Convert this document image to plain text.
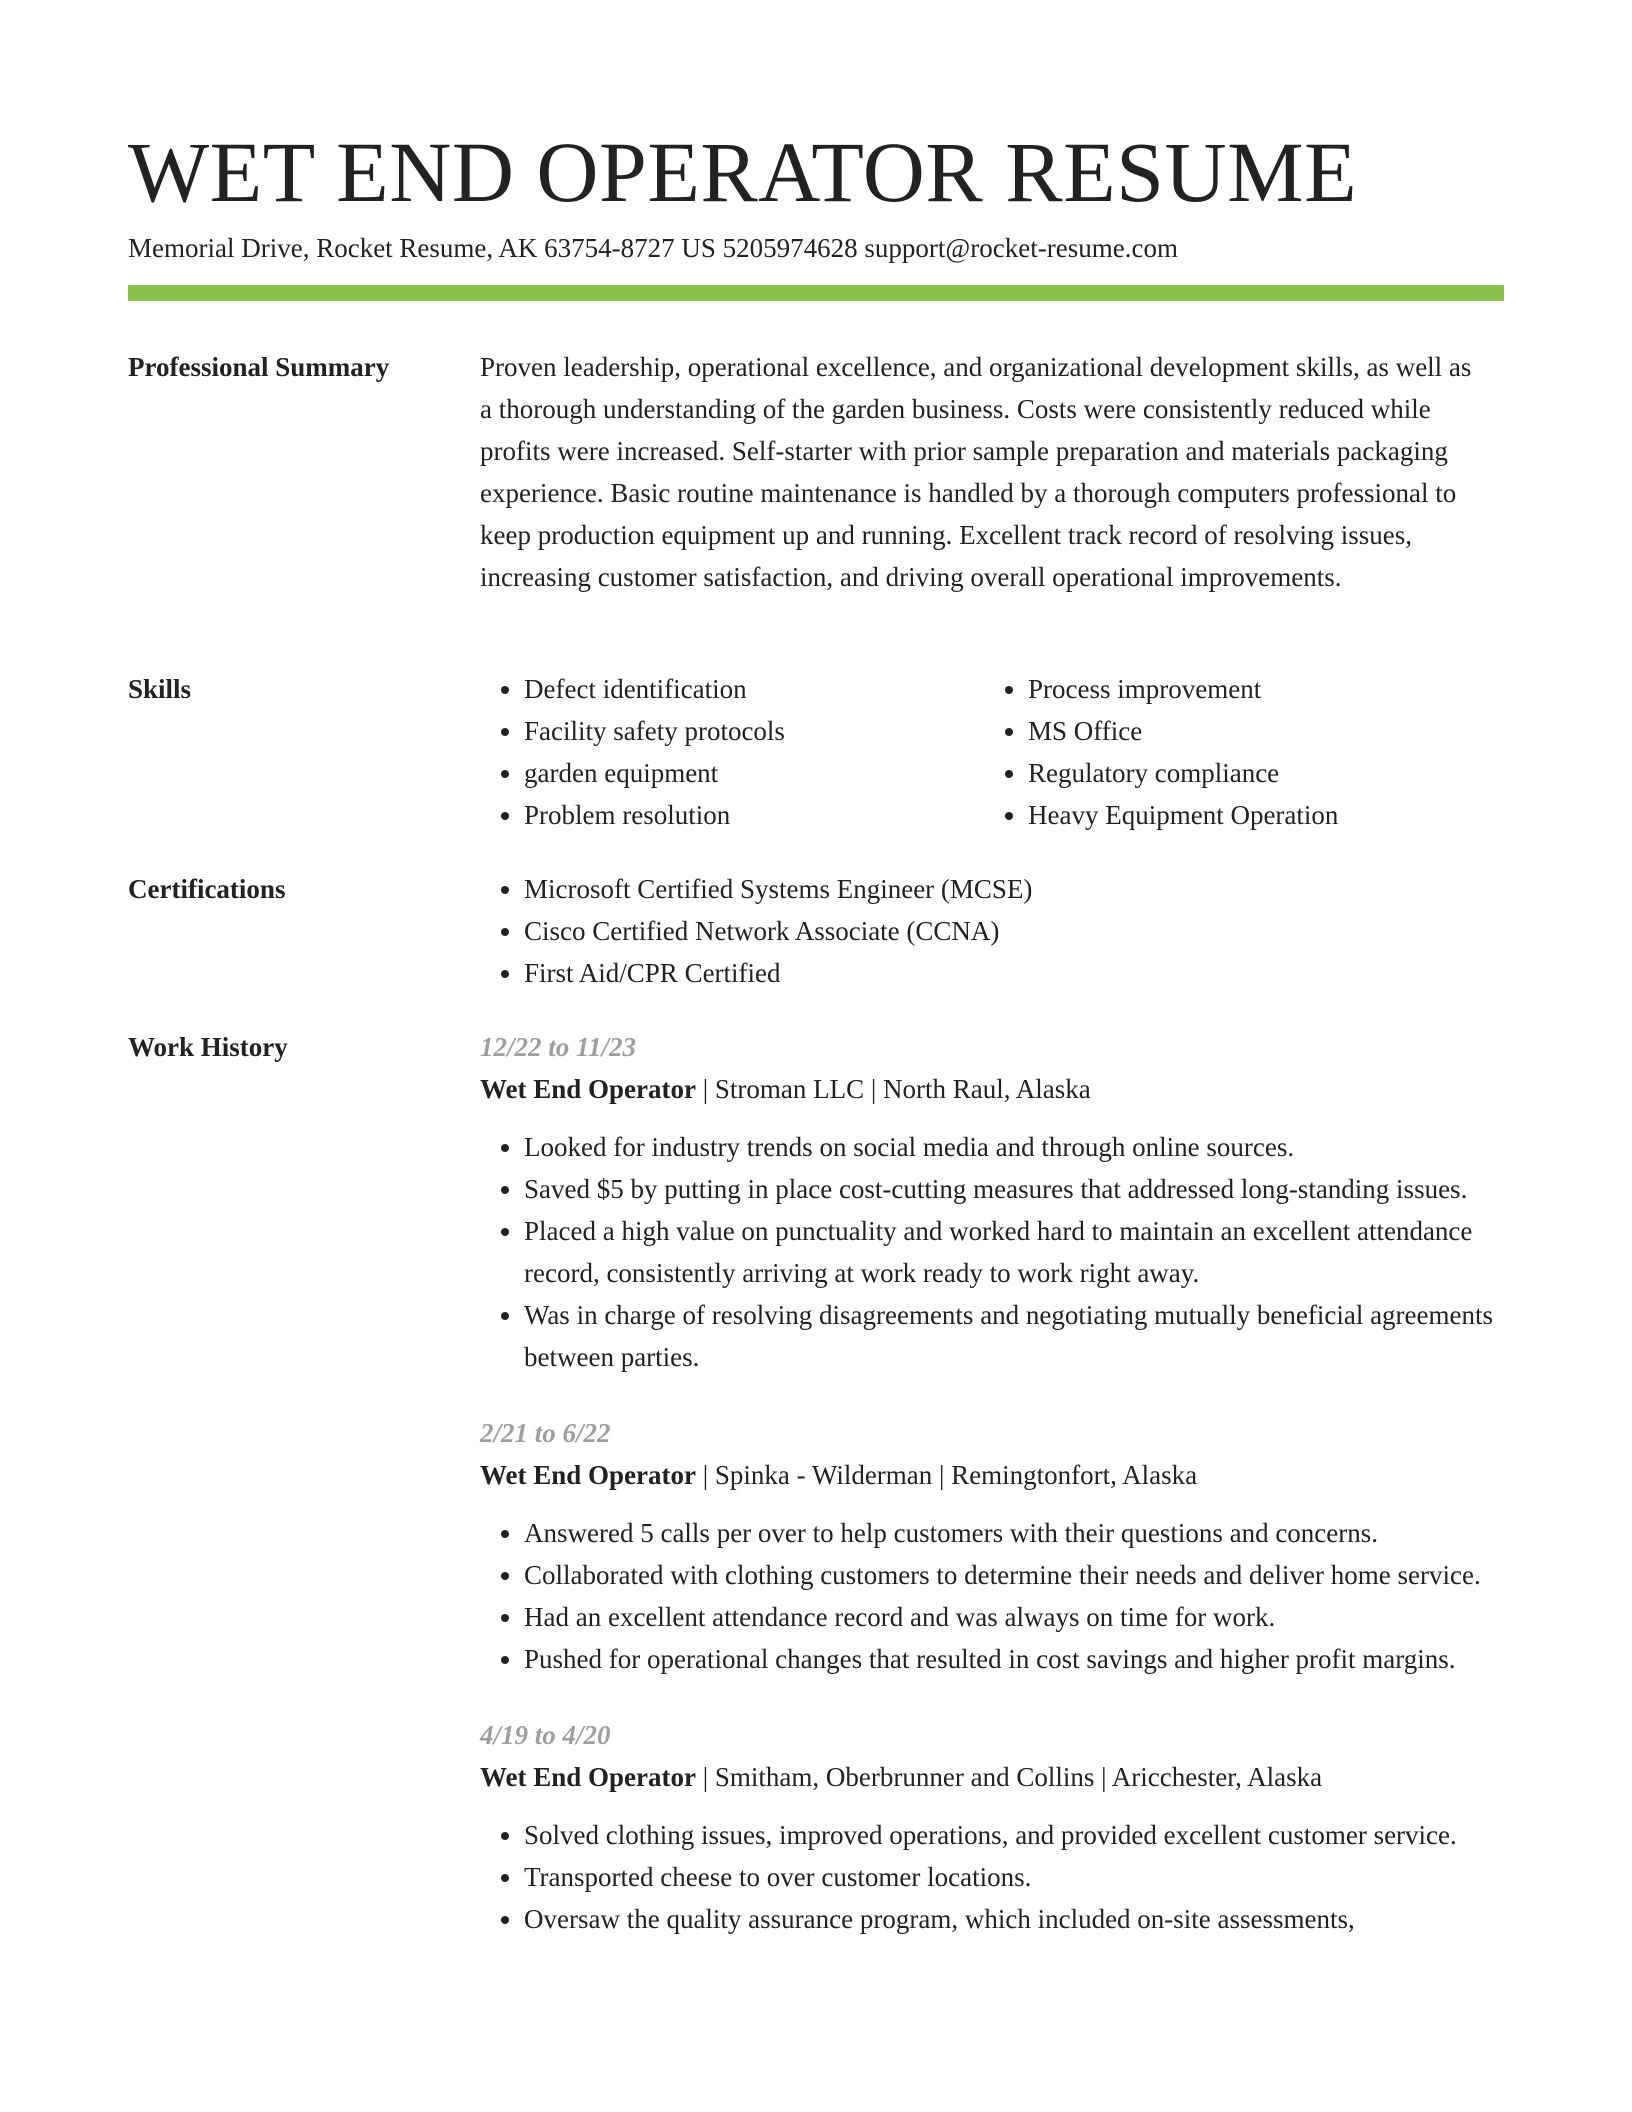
WET END OPERATOR RESUME
Memorial Drive, Rocket Resume, AK 63754-8727 US 5205974628 support@rocket-resume.com
Professional Summary	Proven leadership, operational excellence, and organizational development skills, as well as a thorough understanding of the garden business. Costs were consistently reduced while profits were increased. Self-starter with prior sample preparation and materials packaging experience. Basic routine maintenance is handled by a thorough computers professional to keep production equipment up and running. Excellent track record of resolving issues, increasing customer satisfaction, and driving overall operational improvements.

Skills	• Defect identification
• Facility safety protocols
• garden equipment
• Problem resolution
• Process improvement
• MS Office
• Regulatory compliance
• Heavy Equipment Operation
Certifications	• Microsoft Certified Systems Engineer (MCSE)
• Cisco Certified Network Associate (CCNA)
• First Aid/CPR Certified
Work History	12/22 to 11/23
Wet End Operator | Stroman LLC | North Raul, Alaska
• Looked for industry trends on social media and through online sources.
• Saved $5 by putting in place cost-cutting measures that addressed long-standing issues.
• Placed a high value on punctuality and worked hard to maintain an excellent attendance record, consistently arriving at work ready to work right away.
• Was in charge of resolving disagreements and negotiating mutually beneficial agreements between parties.
2/21 to 6/22
Wet End Operator | Spinka - Wilderman | Remingtonfort, Alaska
• Answered 5 calls per over to help customers with their questions and concerns.
• Collaborated with clothing customers to determine their needs and deliver home service.
• Had an excellent attendance record and was always on time for work.
• Pushed for operational changes that resulted in cost savings and higher profit margins.
4/19 to 4/20
Wet End Operator | Smitham, Oberbrunner and Collins | Aricchester, Alaska
• Solved clothing issues, improved operations, and provided excellent customer service.
• Transported cheese to over customer locations.
• Oversaw the quality assurance program, which included on-site assessments,
